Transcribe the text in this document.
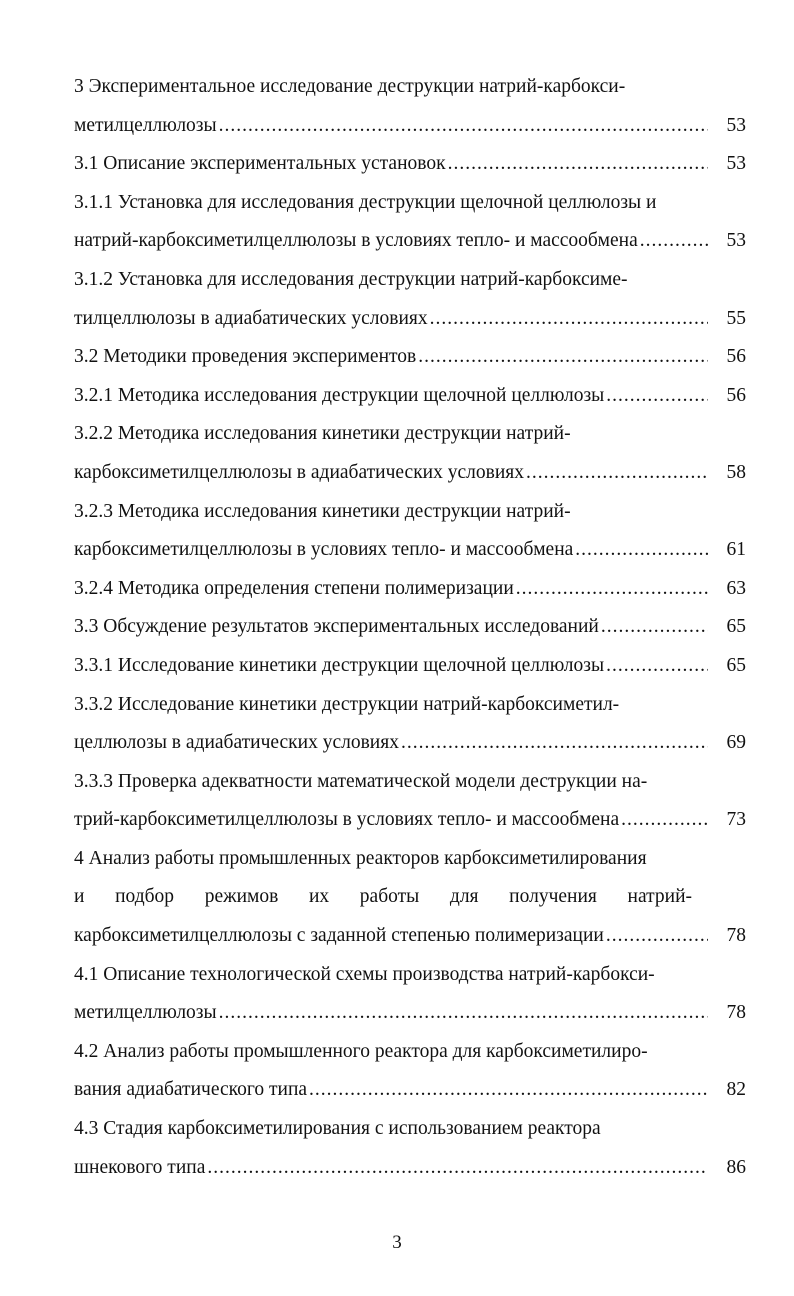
3 Экспериментальное исследование деструкции натрий-карбокси-
метилцеллюлозы .....	53
3.1 Описание экспериментальных установок .....	53
3.1.1 Установка для исследования деструкции щелочной целлюлозы и
натрий-карбоксиметилцеллюлозы в условиях тепло- и массообмена .....	53
3.1.2 Установка для исследования деструкции натрий-карбоксиме-
тилцеллюлозы в адиабатических условиях .....	55
3.2 Методики проведения экспериментов .....	56
3.2.1 Методика исследования деструкции щелочной целлюлозы .....	56
3.2.2 Методика исследования кинетики деструкции натрий-
карбоксиметилцеллюлозы в адиабатических условиях .....	58
3.2.3 Методика исследования кинетики деструкции натрий-
карбоксиметилцеллюлозы в условиях тепло- и массообмена .....	61
3.2.4 Методика определения степени полимеризации .....	63
3.3 Обсуждение результатов экспериментальных исследований .....	65
3.3.1 Исследование кинетики деструкции щелочной целлюлозы .....	65
3.3.2 Исследование кинетики деструкции натрий-карбоксиметил-
целлюлозы в адиабатических условиях .....	69
3.3.3 Проверка адекватности математической модели деструкции на-
трий-карбоксиметилцеллюлозы в условиях тепло- и массообмена .....	73
4 Анализ работы промышленных реакторов карбоксиметилирования
и подбор режимов их работы для получения натрий-
карбоксиметилцеллюлозы с заданной степенью полимеризации .....	78
4.1 Описание технологической схемы производства натрий-карбокси-
метилцеллюлозы .....	78
4.2 Анализ работы промышленного реактора для карбоксиметилиро-
вания адиабатического типа .....	82
4.3 Стадия карбоксиметилирования с использованием реактора
шнекового типа .....	86
3
